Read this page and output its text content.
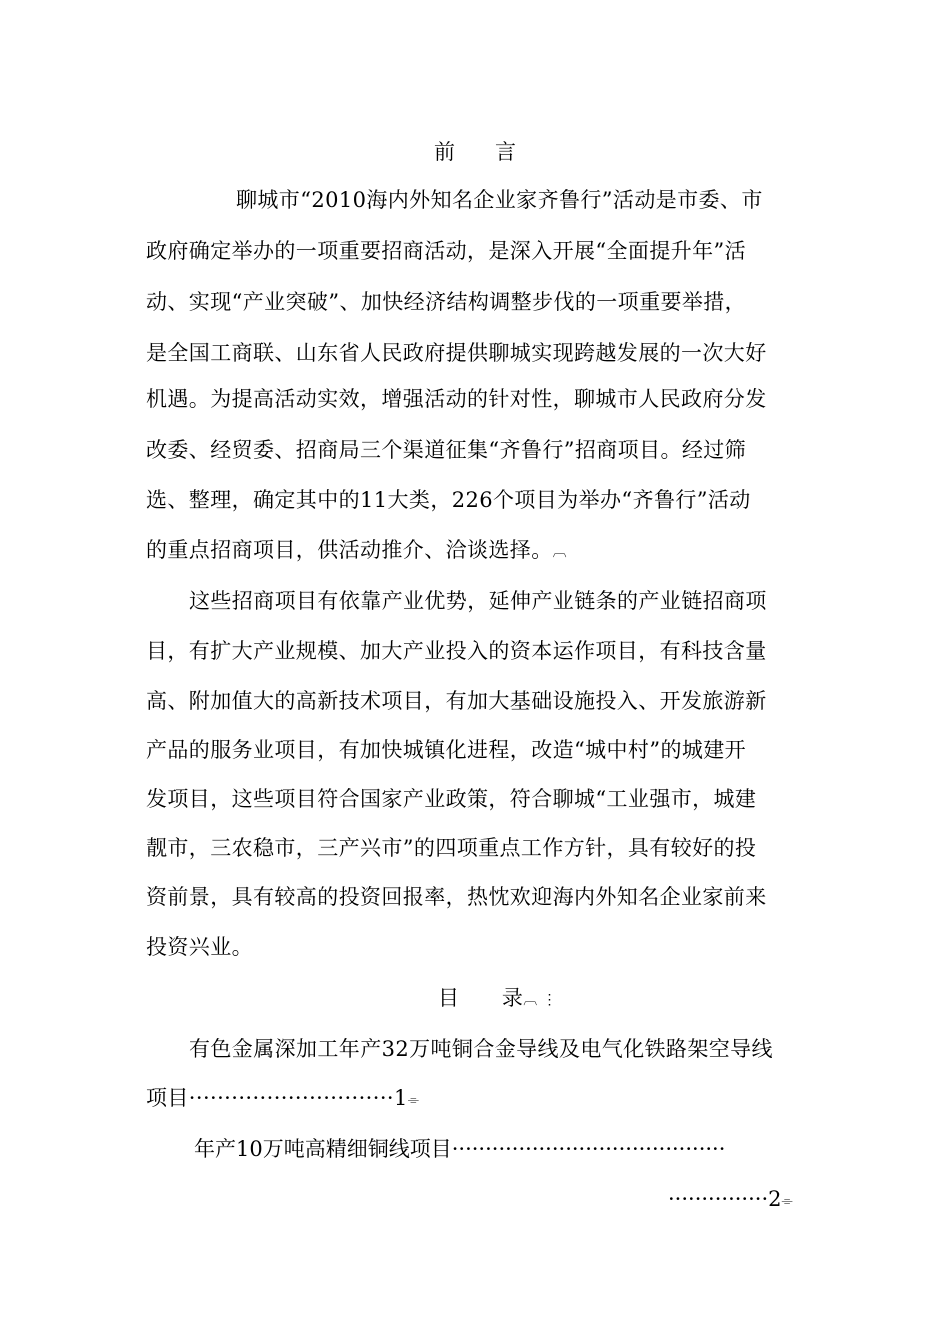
前      言
聊城市“2010海内外知名企业家齐鲁行”活动是市委、市
政府确定举办的一项重要招商活动，是深入开展“全面提升年”活
动、实现“产业突破”、加快经济结构调整步伐的一项重要举措，
是全国工商联、山东省人民政府提供聊城实现跨越发展的一次大好
机遇。为提高活动实效，增强活动的针对性，聊城市人民政府分发
改委、经贸委、招商局三个渠道征集“齐鲁行”招商项目。经过筛
选、整理，确定其中的11大类，226个项目为举办“齐鲁行”活动
的重点招商项目，供活动推介、洽谈选择。︹
这些招商项目有依靠产业优势，延伸产业链条的产业链招商项
目，有扩大产业规模、加大产业投入的资本运作项目，有科技含量
高、附加值大的高新技术项目，有加大基础设施投入、开发旅游新
产品的服务业项目，有加快城镇化进程，改造“城中村”的城建开
发项目，这些项目符合国家产业政策，符合聊城“工业强市，城建
靓市，三农稳市，三产兴市”的四项重点工作方针，具有较好的投
资前景，具有较高的投资回报率，热忱欢迎海内外知名企业家前来
投资兴业。
目      录︹ ⋮
有色金属深加工年产32万吨铜合金导线及电气化铁路架空导线
项目·····························1⌯
年产10万吨高精细铜线项目·········································
···············2⌯
